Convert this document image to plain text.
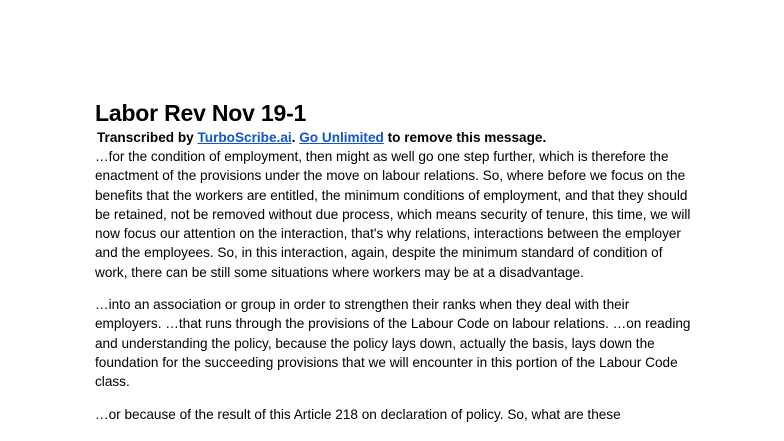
Labor Rev Nov 19-1
Transcribed by TurboScribe.ai. Go Unlimited to remove this message.

…for the condition of employment, then might as well go one step further, which is therefore the enactment of the provisions under the move on labour relations. So, where before we focus on the benefits that the workers are entitled, the minimum conditions of employment, and that they should be retained, not be removed without due process, which means security of tenure, this time, we will now focus our attention on the interaction, that's why relations, interactions between the employer and the employees. So, in this interaction, again, despite the minimum standard of condition of work, there can be still some situations where workers may be at a disadvantage.

…into an association or group in order to strengthen their ranks when they deal with their employers. …that runs through the provisions of the Labour Code on labour relations. …on reading and understanding the policy, because the policy lays down, actually the basis, lays down the foundation for the succeeding provisions that we will encounter in this portion of the Labour Code class.

…or because of the result of this Article 218 on declaration of policy. So, what are these
